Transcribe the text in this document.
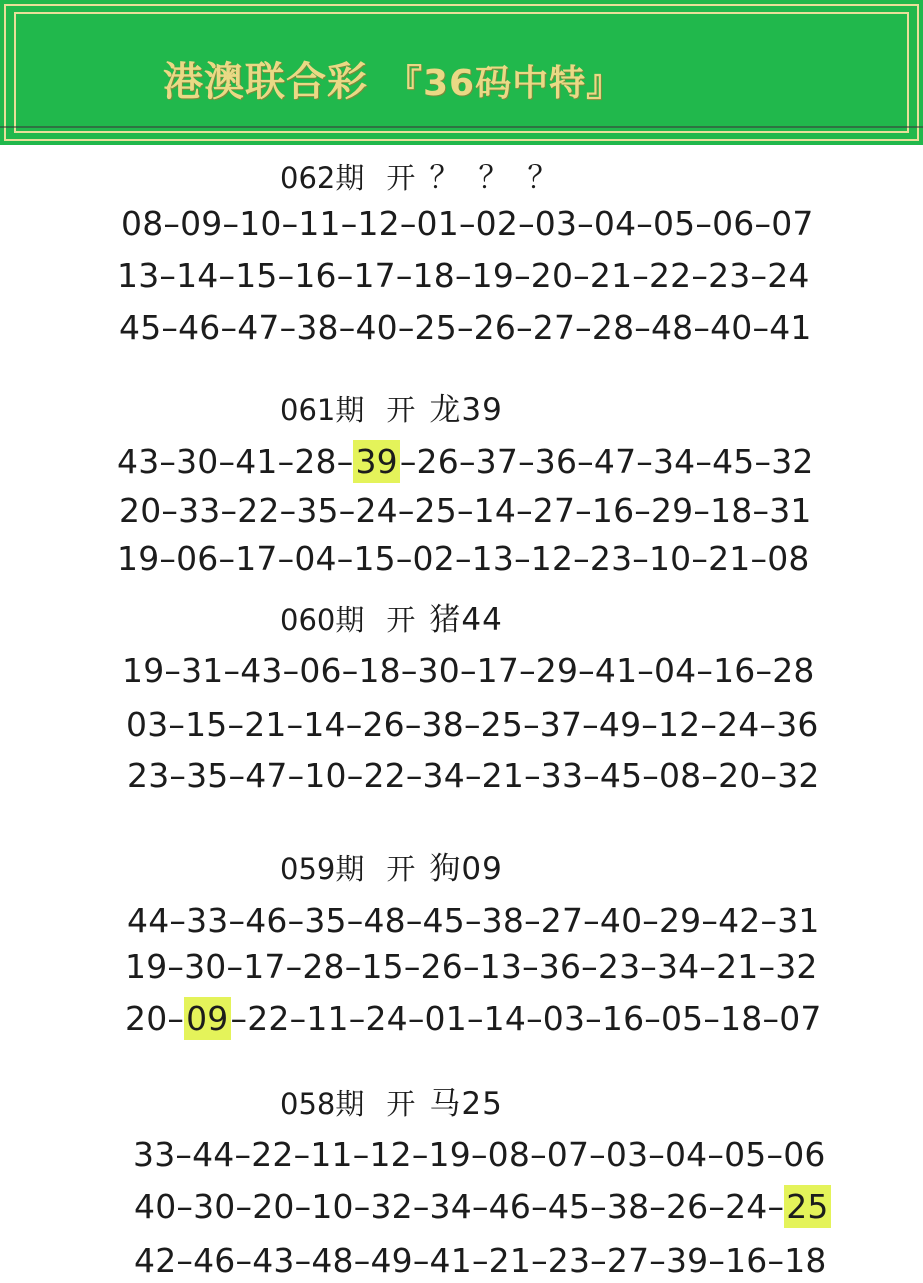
港澳联合彩 『36码中特』
062期 开 ？？？
08–09–10–11–12–01–02–03–04–05–06–07
13–14–15–16–17–18–19–20–21–22–23–24
45–46–47–38–40–25–26–27–28–48–40–41
061期 开 龙39
43–30–41–28–39–26–37–36–47–34–45–32
20–33–22–35–24–25–14–27–16–29–18–31
19–06–17–04–15–02–13–12–23–10–21–08
060期 开 猪44
19–31–43–06–18–30–17–29–41–04–16–28
03–15–21–14–26–38–25–37–49–12–24–36
23–35–47–10–22–34–21–33–45–08–20–32
059期 开 狗09
44–33–46–35–48–45–38–27–40–29–42–31
19–30–17–28–15–26–13–36–23–34–21–32
20–09–22–11–24–01–14–03–16–05–18–07
058期 开 马25
33–44–22–11–12–19–08–07–03–04–05–06
40–30–20–10–32–34–46–45–38–26–24–25
42–46–43–48–49–41–21–23–27–39–16–18
